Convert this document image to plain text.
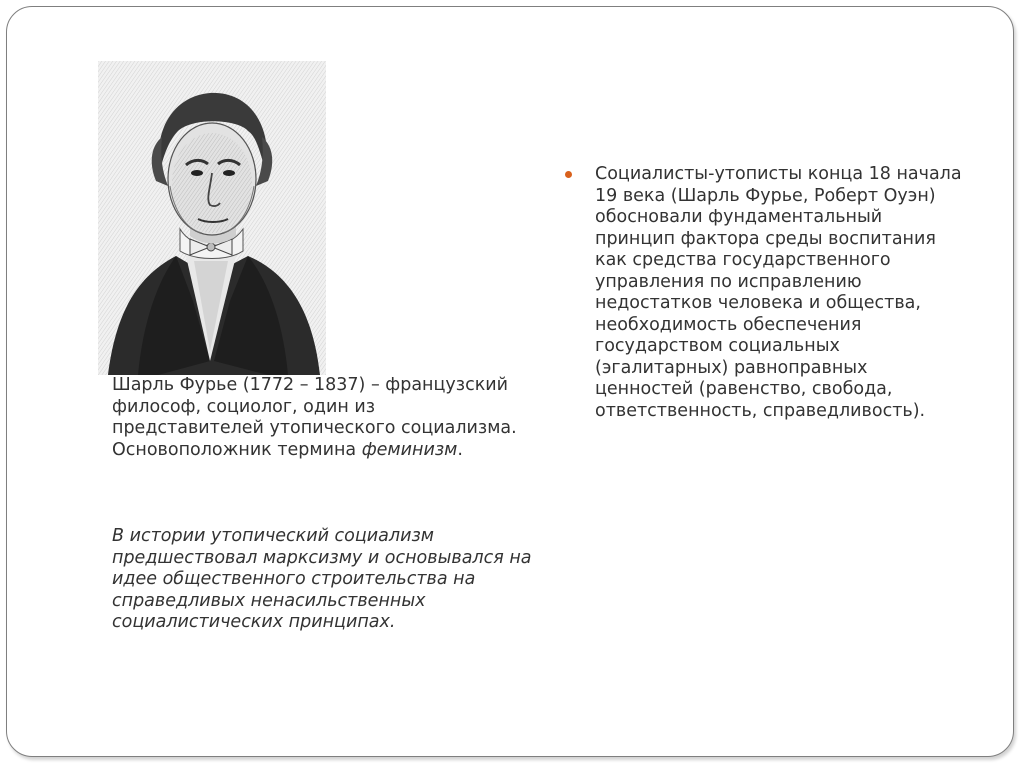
Шарль Фурье (1772 – 1837) – французский философ, социолог, один из представителей утопического социализма. Основоположник термина феминизм.
В истории утопический социализм предшествовал марксизму и основывался на идее общественного строительства на справедливых ненасильственных социалистических принципах.
Социалисты-утописты конца 18 начала 19 века (Шарль Фурье, Роберт Оуэн) обосновали фундаментальный принцип фактора среды воспитания как средства государственного управления по исправлению недостатков человека и общества, необходимость обеспечения государством социальных (эгалитарных) равноправных ценностей (равенство, свобода, ответственность, справедливость).
